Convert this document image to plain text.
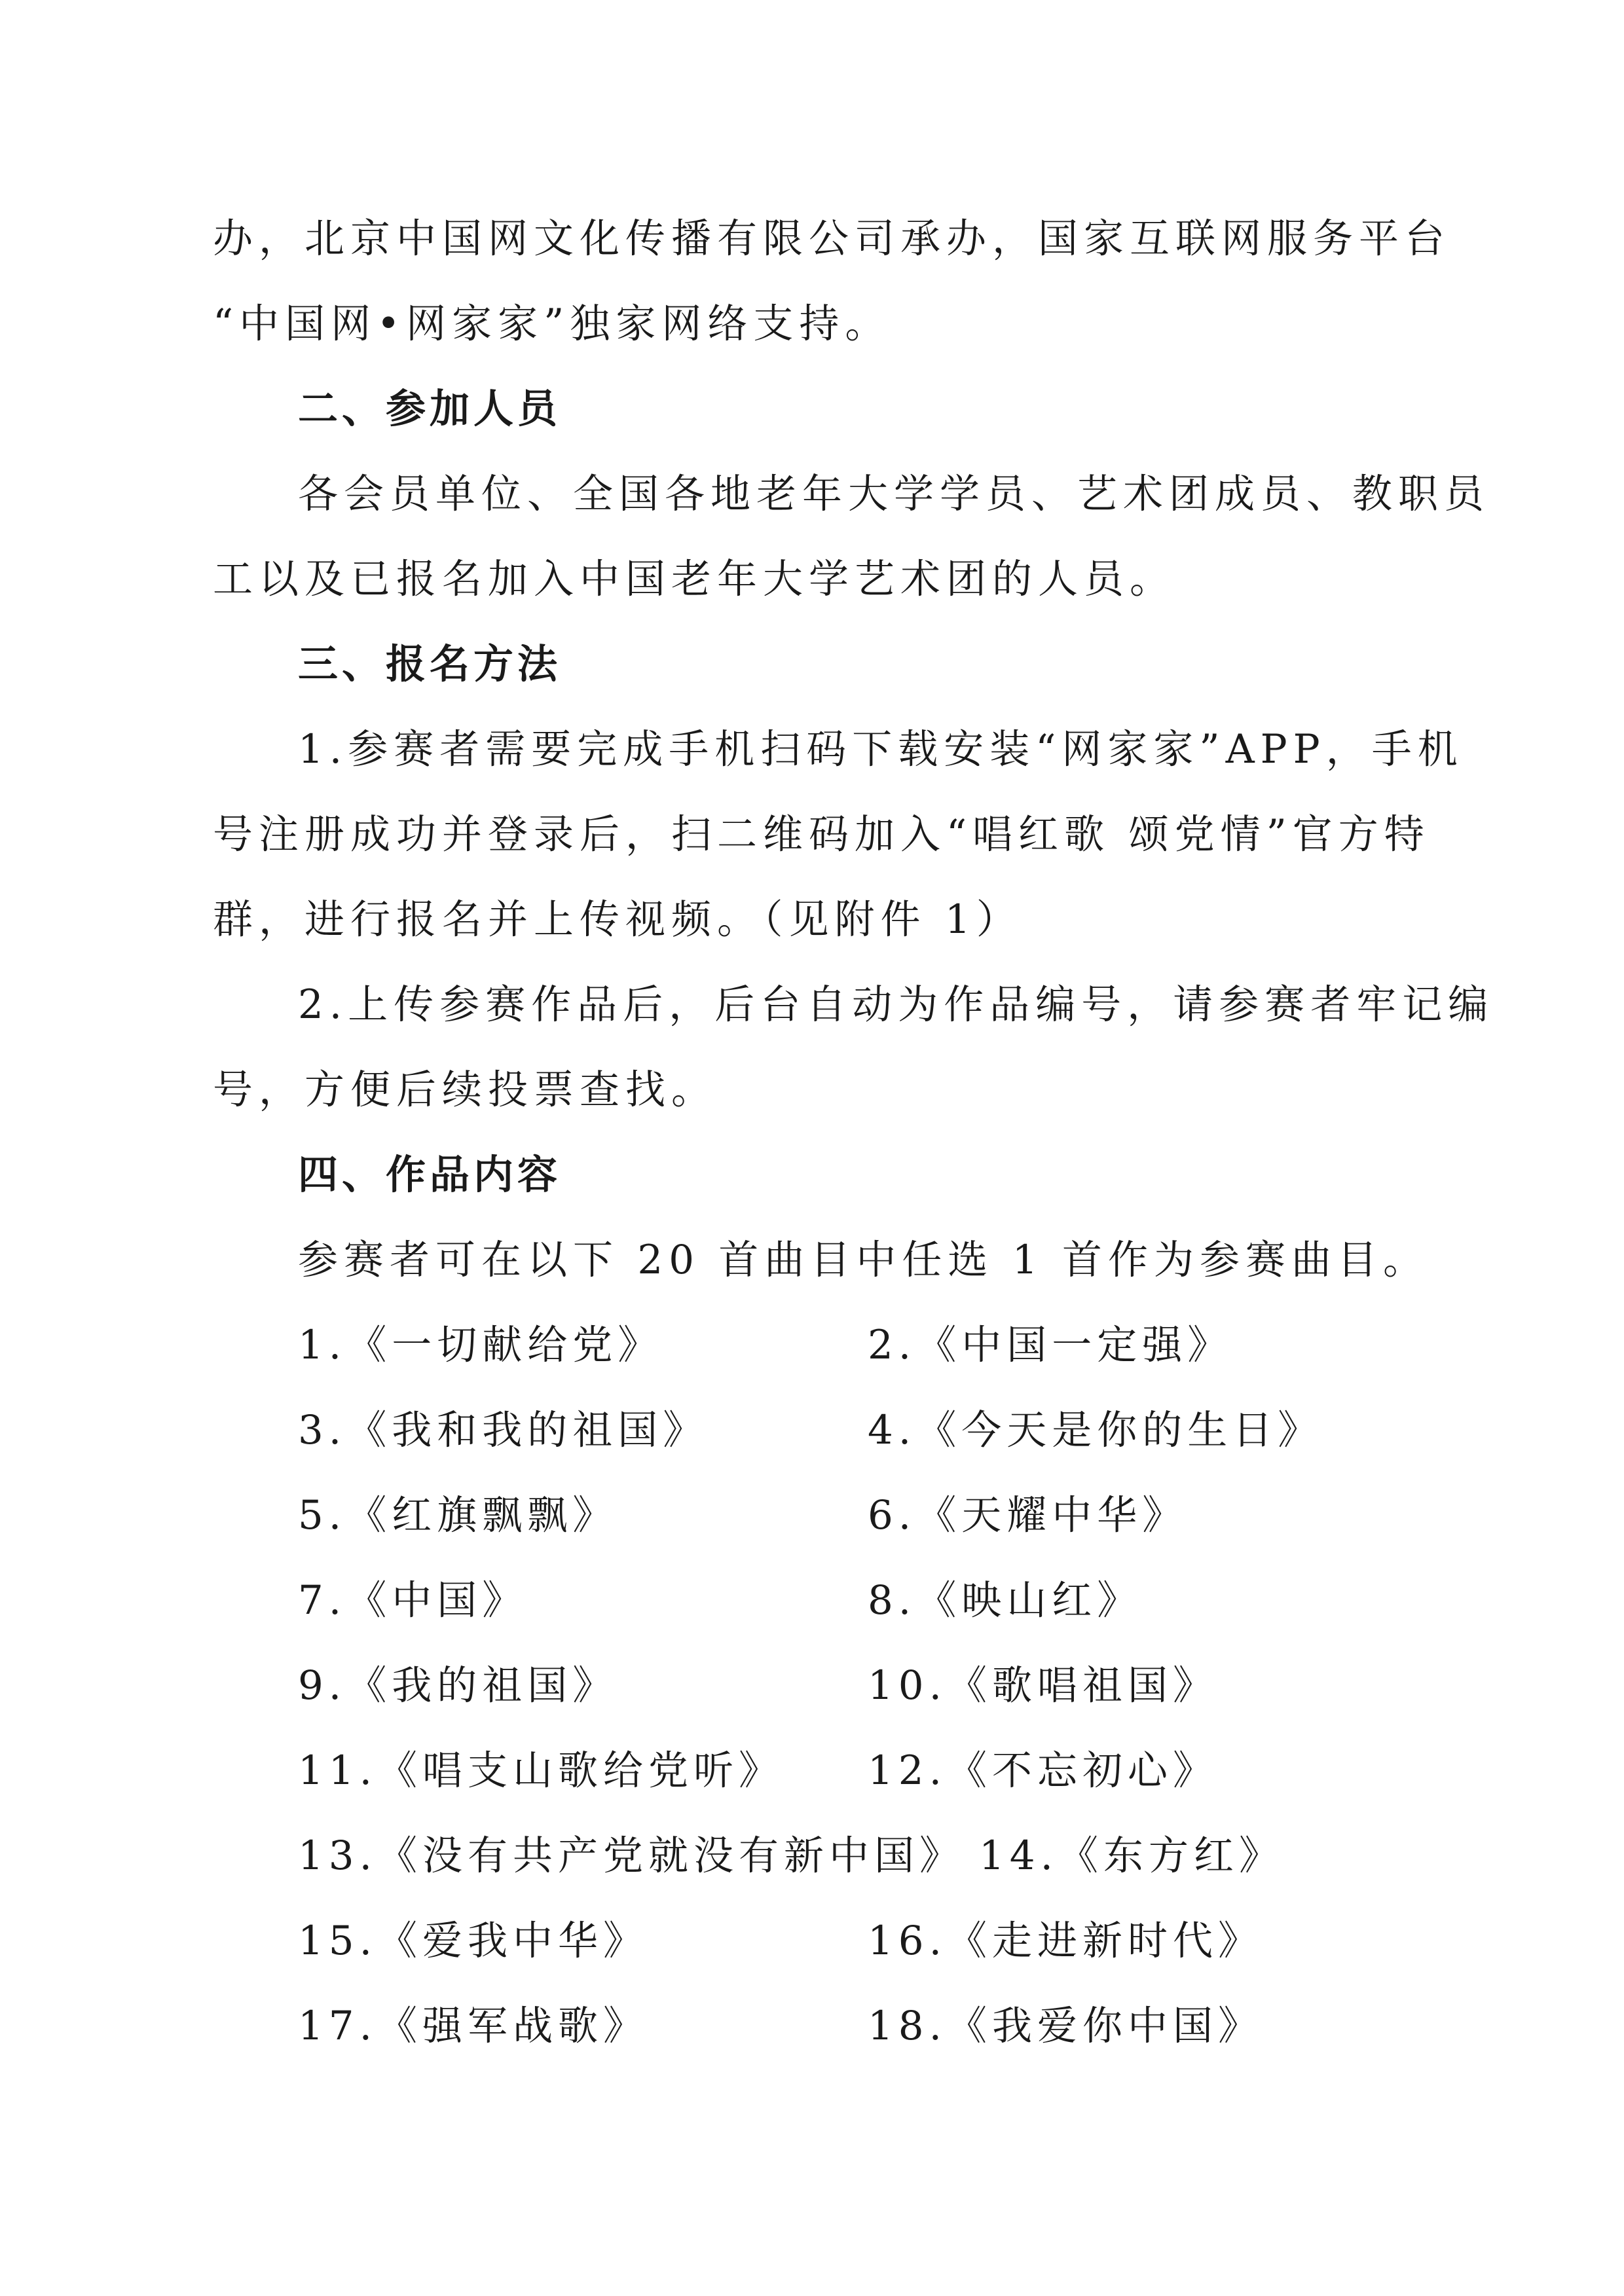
办，北京中国网文化传播有限公司承办，国家互联网服务平台
“中国网•网家家”独家网络支持。
二、参加人员
各会员单位、全国各地老年大学学员、艺术团成员、教职员
工以及已报名加入中国老年大学艺术团的人员。
三、报名方法
1.参赛者需要完成手机扫码下载安装“网家家”APP，手机
号注册成功并登录后，扫二维码加入“唱红歌 颂党情”官方特
群，进行报名并上传视频。（见附件 1）
2.上传参赛作品后，后台自动为作品编号，请参赛者牢记编
号，方便后续投票查找。
四、作品内容
参赛者可在以下 20 首曲目中任选 1 首作为参赛曲目。
1.《一切献给党》	2.《中国一定强》
3.《我和我的祖国》	4.《今天是你的生日》
5.《红旗飘飘》	6.《天耀中华》
7.《中国》	8.《映山红》
9.《我的祖国》	10.《歌唱祖国》
11.《唱支山歌给党听》 12.《不忘初心》
13.《没有共产党就没有新中国》 14.《东方红》
15.《爱我中华》	16.《走进新时代》
17.《强军战歌》	18.《我爱你中国》
